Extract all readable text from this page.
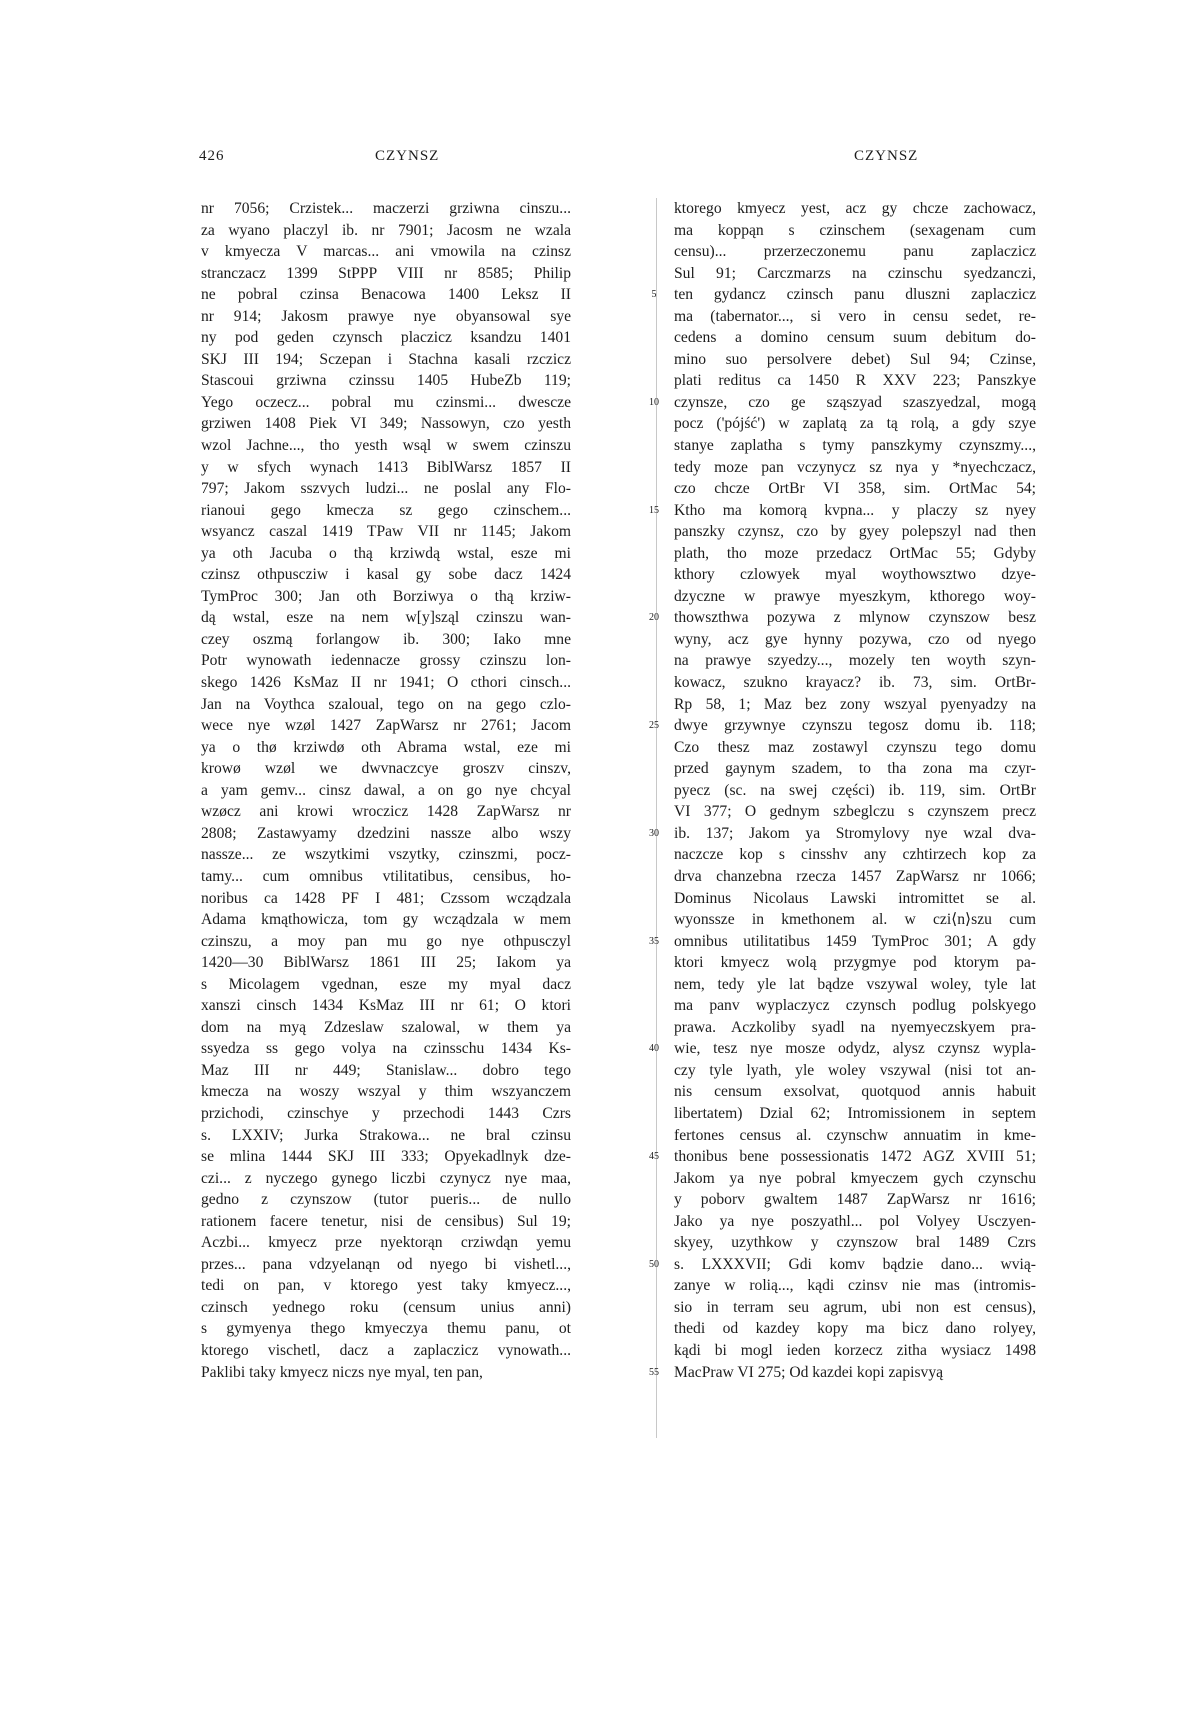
426	CZYNSZ	CZYNSZ
nr 7056; Crzistek... maczerzi grziwna cinszu...
za wyano placzyl ib. nr 7901; Jacosm ne wzala
v kmyecza V marcas... ani vmowila na czinsz
stranczacz 1399 StPPP VIII nr 8585; Philip
ne pobral czinsa Benacowa 1400 Leksz II
nr 914; Jakosm prawye nye obyansowal sye
ny pod geden czynsch placzicz ksandzu 1401
SKJ III 194; Sczepan i Stachna kasali rzczicz
Stascoui grziwna czinssu 1405 HubeZb 119;
Yego oczecz... pobral mu czinsmi... dwescze
grziwen 1408 Piek VI 349; Nassowyn, czo yesth
wzol Jachne..., tho yesth wsąl w swem czinszu
y w sfych wynach 1413 BiblWarsz 1857 II
797; Jakom sszvych ludzi... ne poslal any Flo-
rianoui gego kmecza sz gego czinschem...
wsyancz caszal 1419 TPaw VII nr 1145; Jakom
ya oth Jacuba o thą krziwdą wstal, esze mi
czinsz othpusczіw i kasal gy sobe dacz 1424
TymProc 300; Jan oth Borziwya o thą krziw-
dą wstal, esze na nem w[y]sząl czinszu wan-
czey oszmą forlangow ib. 300; Iako mne
Potr wynowath iedennacze grossy czinszu lon-
skego 1426 KsMaz II nr 1941; O cthori cinsch...
Jan na Voythca szaloual, tego on na gego czlo-
wece nye wzøl 1427 ZapWarsz nr 2761; Jacom
ya o thø krziwdø oth Abrama wstal, eze mi
krowø wzøl we dwvnaczcye groszv cinszv,
a yam gemv... cinsz dawal, a on go nye chcyal
wzøcz ani krowi wroczicz 1428 ZapWarsz nr
2808; Zastawyamy dzedzini nassze albo wszy
nassze... ze wszytkimi vszytky, czinszmi, pocz-
tamy... cum omnibus vtilitatibus, censibus, ho-
noribus ca 1428 PF I 481; Czssom wcządzala
Adama kmąthowicza, tom gy wcządzala w mem
czinszu, a moy pan mu go nye othpusczyl
1420—30 BiblWarsz 1861 III 25; Iakom ya
s Micolagem vgednan, esze my myal dacz
xanszi cinsch 1434 KsMaz III nr 61; O ktori
dom na myą Zdzeslaw szalowal, w them ya
ssyedza ss gego volya na czinsschu 1434 Ks-
Maz III nr 449; Stanislaw... dobro tego
kmecza na woszy wszyal y thim wszyanczem
przichodi, czinschye y przechodi 1443 Czrs
s. LXXIV; Jurka Strakowa... ne bral czinsu
se mlina 1444 SKJ III 333; Opyekadlnyk dze-
czi... z nyczego gynego liczbi czynycz nye maa,
gedno z czynszow (tutor pueris... de nullo
rationem facere tenetur, nisi de censibus) Sul 19;
Aczbi... kmyecz prze nyektorąn crziwdąn yemu
przes... pana vdzyelanąn od nyego bi vishetl...,
tedi on pan, v ktorego yest taky kmyecz...,
czinsch yednego roku (censum unius anni)
s gymyenya thego kmyeczya themu panu, ot
ktorego vischetl, dacz a zaplaczicz vynowath...
Paklibi taky kmyecz niczs nye myal, ten pan,
5
10
15
20
25
30
35
40
45
50
55
ktorego kmyecz yest, acz gy chcze zachowacz,
ma koppąn s czinschem (sexagenam cum
censu)... przerzeczonemu panu zaplaczicz
Sul 91; Carczmarzs na czinschu syedzanczi,
ten gydancz czinsch panu dluszni zaplaczicz
ma (tabernator..., si vero in censu sedet, re-
cedens a domino censum suum debitum do-
mino suo persolvere debet) Sul 94; Czinse,
plati reditus ca 1450 R XXV 223; Panszkye
czynsze, czo ge sząszyad szaszyedzal, mogą
pocz ('pójść') w zaplatą za tą rolą, a gdy szye
stanye zaplatha s tymy panszkymy czynszmy...,
tedy moze pan vczynycz sz nya y *nyechczacz,
czo chcze OrtBr VI 358, sim. OrtMac 54;
Ktho ma komorą kvpna... y placzy sz nyey
panszky czynsz, czo by gyey polepszyl nad then
plath, tho moze przedacz OrtMac 55; Gdyby
kthory czlowyek myal woythowsztwo dzye-
dzyczne w prawye myeszkym, kthorego woy-
thowszthwa pozywa z mlynow czynszow besz
wyny, acz gye hynny pozywa, czo od nyego
na prawye szyedzy..., mozely ten woyth szyn-
kowacz, szukno krayacz? ib. 73, sim. OrtBr-
Rp 58, 1; Maz bez zony wszyal pyenyadzy na
dwye grzywnye czynszu tegosz domu ib. 118;
Czo thesz maz zostawyl czynszu tego domu
przed gaynym szadem, to tha zona ma czyr-
pyecz (sc. na swej części) ib. 119, sim. OrtBr
VI 377; O gednym szbeglczu s czynszem precz
ib. 137; Jakom ya Stromylovy nye wzal dva-
naczcze kop s cinsshv any czhtirzech kop za
drva chanzebna rzecza 1457 ZapWarsz nr 1066;
Dominus Nicolaus Lawski intromittet se al.
wyonssze in kmethonem al. w czi⟨n⟩szu cum
omnibus utilitatibus 1459 TymProc 301; A gdy
ktori kmyecz wolą przygmye pod ktorym pa-
nem, tedy yle lat bądze vszywal woley, tyle lat
ma panv wyplaczycz czynsch podlug polskyego
prawa. Aczkoliby syadl na nyemyeczskyem pra-
wie, tesz nye mosze odydz, alysz czynsz wypla-
czy tyle lyath, yle woley vszywal (nisi tot an-
nis censum exsolvat, quotquod annis habuit
libertatem) Dzial 62; Intromissionem in septem
fertones census al. czynschw annuatim in kme-
thonibus bene possessionatis 1472 AGZ XVIII 51;
Jakom ya nye pobral kmyeczem gych czynschu
y poborv gwaltem 1487 ZapWarsz nr 1616;
Jako ya nye poszyathl... pol Volyey Usczyen-
skyey, uzythkow y czynszow bral 1489 Czrs
s. LXXXVII; Gdi komv bądzie dano... wvią-
zanye w rolią..., kądi czinsv nie mas (intromis-
sio in terram seu agrum, ubi non est census),
thedi od kazdey kopy ma bicz dano rolyey,
kądi bi mogl ieden korzecz zitha wysiacz 1498
MacPraw VI 275; Od kazdei kopi zapisvyą
